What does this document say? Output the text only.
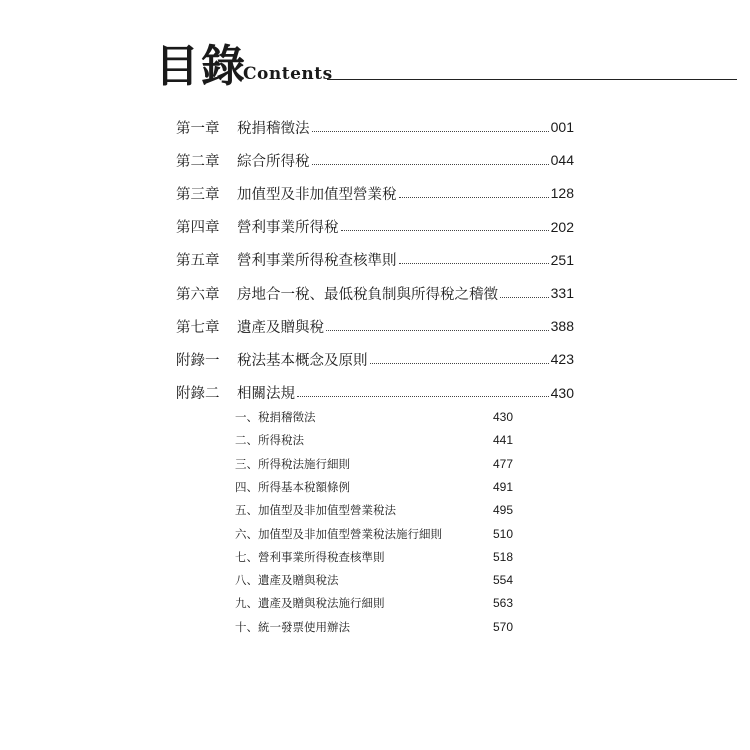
目錄
Contents
第一章	稅捐稽徵法	001
第二章	綜合所得稅	044
第三章	加值型及非加值型營業稅	128
第四章	營利事業所得稅	202
第五章	營利事業所得稅查核準則	251
第六章	房地合一稅、最低稅負制與所得稅之稽徵	331
第七章	遺產及贈與稅	388
附錄一	稅法基本概念及原則	423
附錄二	相關法規	430
一、稅捐稽徵法	430
二、所得稅法	441
三、所得稅法施行細則	477
四、所得基本稅額條例	491
五、加值型及非加值型營業稅法	495
六、加值型及非加值型營業稅法施行細則	510
七、營利事業所得稅查核準則	518
八、遺產及贈與稅法	554
九、遺產及贈與稅法施行細則	563
十、統一發票使用辦法	570
